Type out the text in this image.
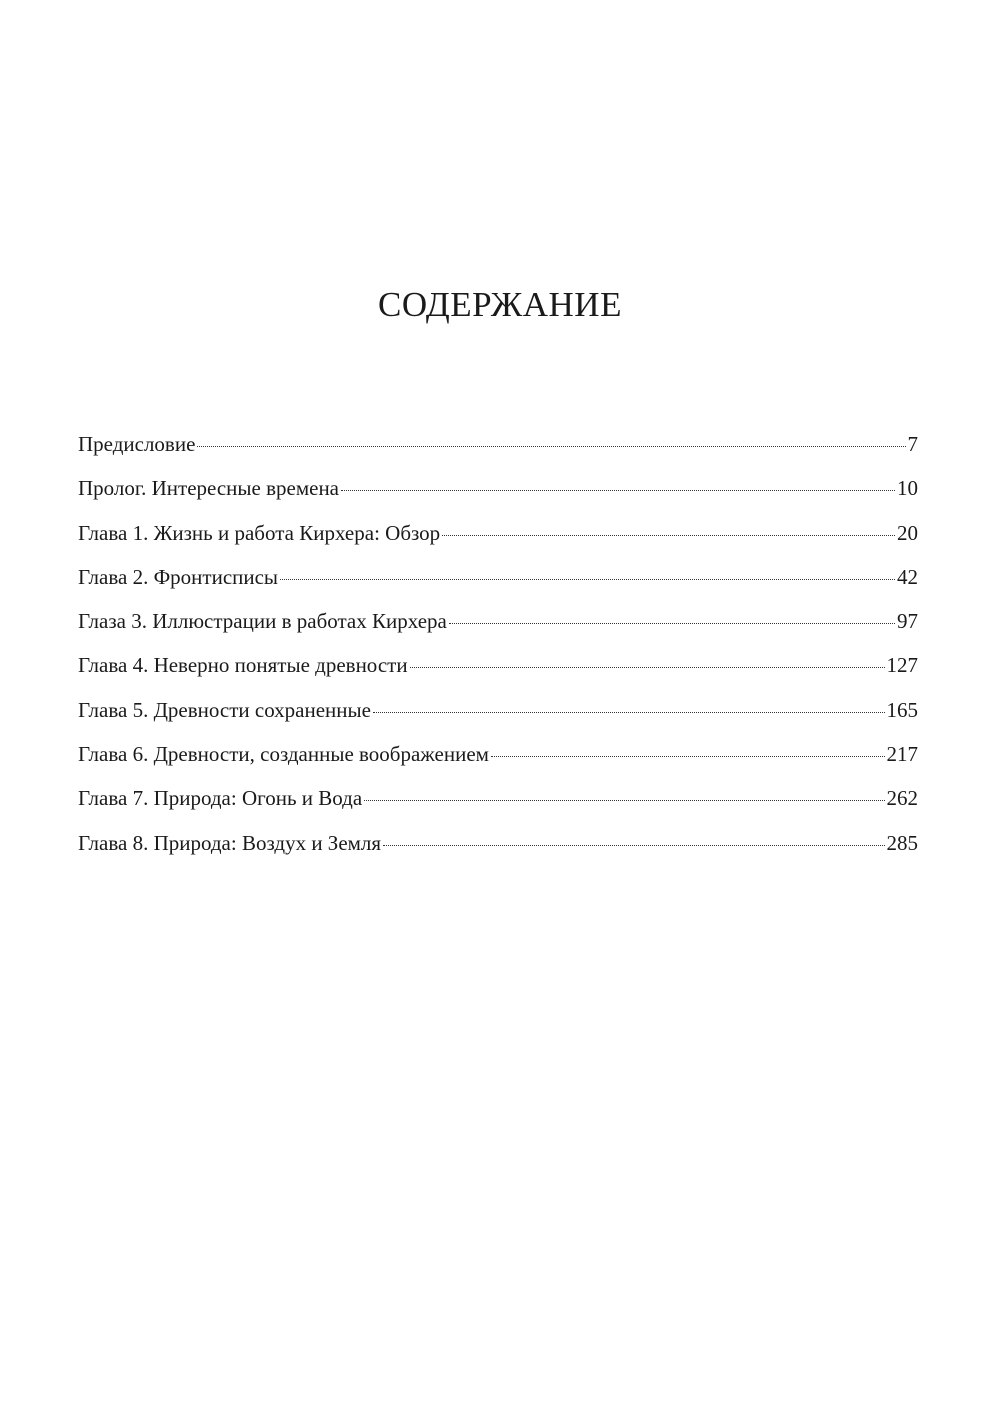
СОДЕРЖАНИЕ
Предисловие	7
Пролог. Интересные времена	10
Глава 1. Жизнь и работа Кирхера: Обзор	20
Глава 2. Фронтисписы	42
Глаза 3. Иллюстрации в работах Кирхера	97
Глава 4. Неверно понятые древности	127
Глава 5. Древности сохраненные	165
Глава 6. Древности, созданные воображением	217
Глава 7. Природа: Огонь и Вода	262
Глава 8. Природа: Воздух и Земля	285
